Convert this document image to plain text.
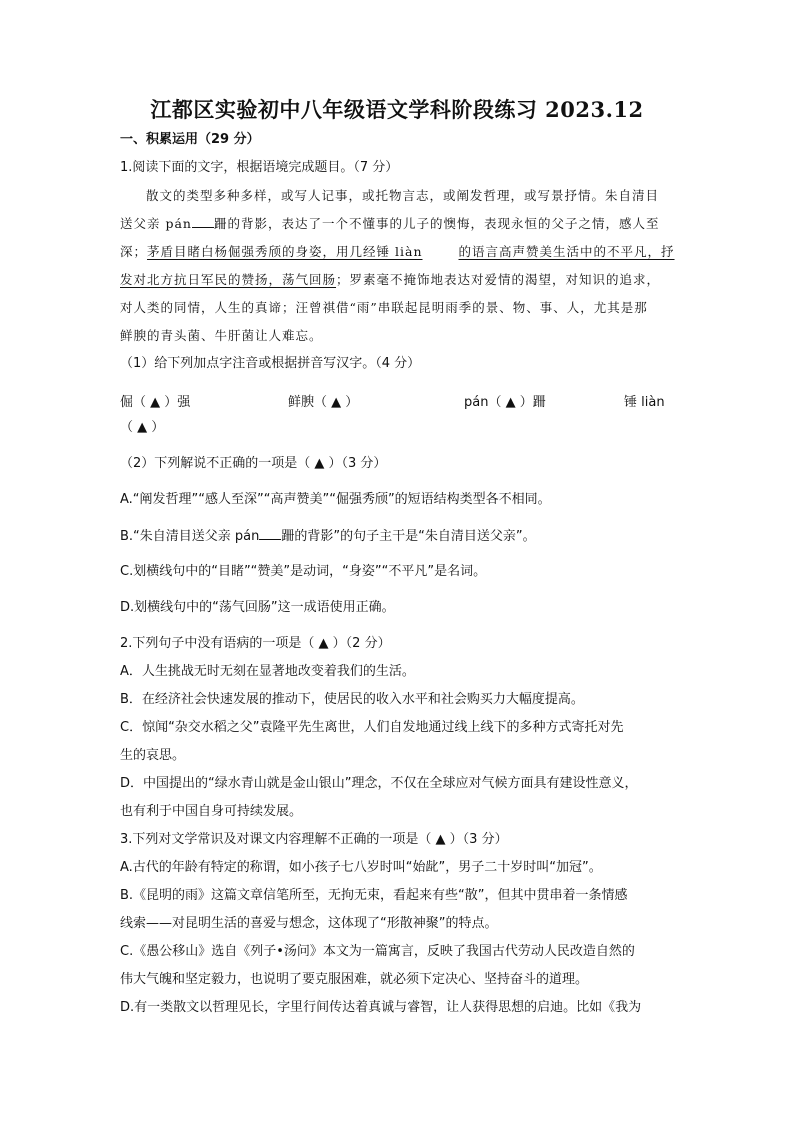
江都区实验初中八年级语文学科阶段练习 2023.12
一、积累运用（29 分）
1.阅读下面的文字，根据语境完成题目。（7 分）
散文的类型多种多样，或写人记事，或托物言志，或阐发哲理，或写景抒情。朱自清目
送父亲 pán 跚的背影，表达了一个不懂事的儿子的懊悔，表现永恒的父子之情，感人至
深；茅盾目睹白杨倔强秀颀的身姿，用几经锤 liàn	的语言高声赞美生活中的不平凡，抒
发对北方抗日军民的赞扬，荡气回肠；罗素毫不掩饰地表达对爱情的渴望，对知识的追求，
对人类的同情，人生的真谛；汪曾祺借“雨”串联起昆明雨季的景、物、事、人，尤其是那
鲜腴的青头菌、牛肝菌让人难忘。
（1）给下列加点字注音或根据拼音写汉字。（4 分）
倔（ ▲ ）强	鲜腴（ ▲ ）	pán（ ▲ ）跚	锤 liàn
（ ▲ ）
（2）下列解说不正确的一项是（ ▲ ）（3 分）
A.“阐发哲理”“感人至深”“高声赞美”“倔强秀颀”的短语结构类型各不相同。
B.“朱自清目送父亲 pán 跚的背影”的句子主干是“朱自清目送父亲”。
C.划横线句中的“目睹”“赞美”是动词，“身姿”“不平凡”是名词。
D.划横线句中的“荡气回肠”这一成语使用正确。
2.下列句子中没有语病的一项是（ ▲ ）（2 分）
A．人生挑战无时无刻在显著地改变着我们的生活。
B．在经济社会快速发展的推动下，使居民的收入水平和社会购买力大幅度提高。
C．惊闻“杂交水稻之父”袁隆平先生离世，人们自发地通过线上线下的多种方式寄托对先
生的哀思。
D．中国提出的“绿水青山就是金山银山”理念，不仅在全球应对气候方面具有建设性意义，
也有利于中国自身可持续发展。
3.下列对文学常识及对课文内容理解不正确的一项是（ ▲ ）（3 分）
A.古代的年龄有特定的称谓，如小孩子七八岁时叫“始龀”，男子二十岁时叫“加冠”。
B.《昆明的雨》这篇文章信笔所至，无拘无束，看起来有些“散”，但其中贯串着一条情感
线索——对昆明生活的喜爱与想念，这体现了“形散神聚”的特点。
C.《愚公移山》选自《列子•汤问》本文为一篇寓言，反映了我国古代劳动人民改造自然的
伟大气魄和坚定毅力，也说明了要克服困难，就必须下定决心、坚持奋斗的道理。
D.有一类散文以哲理见长，字里行间传达着真诚与睿智，让人获得思想的启迪。比如《我为
